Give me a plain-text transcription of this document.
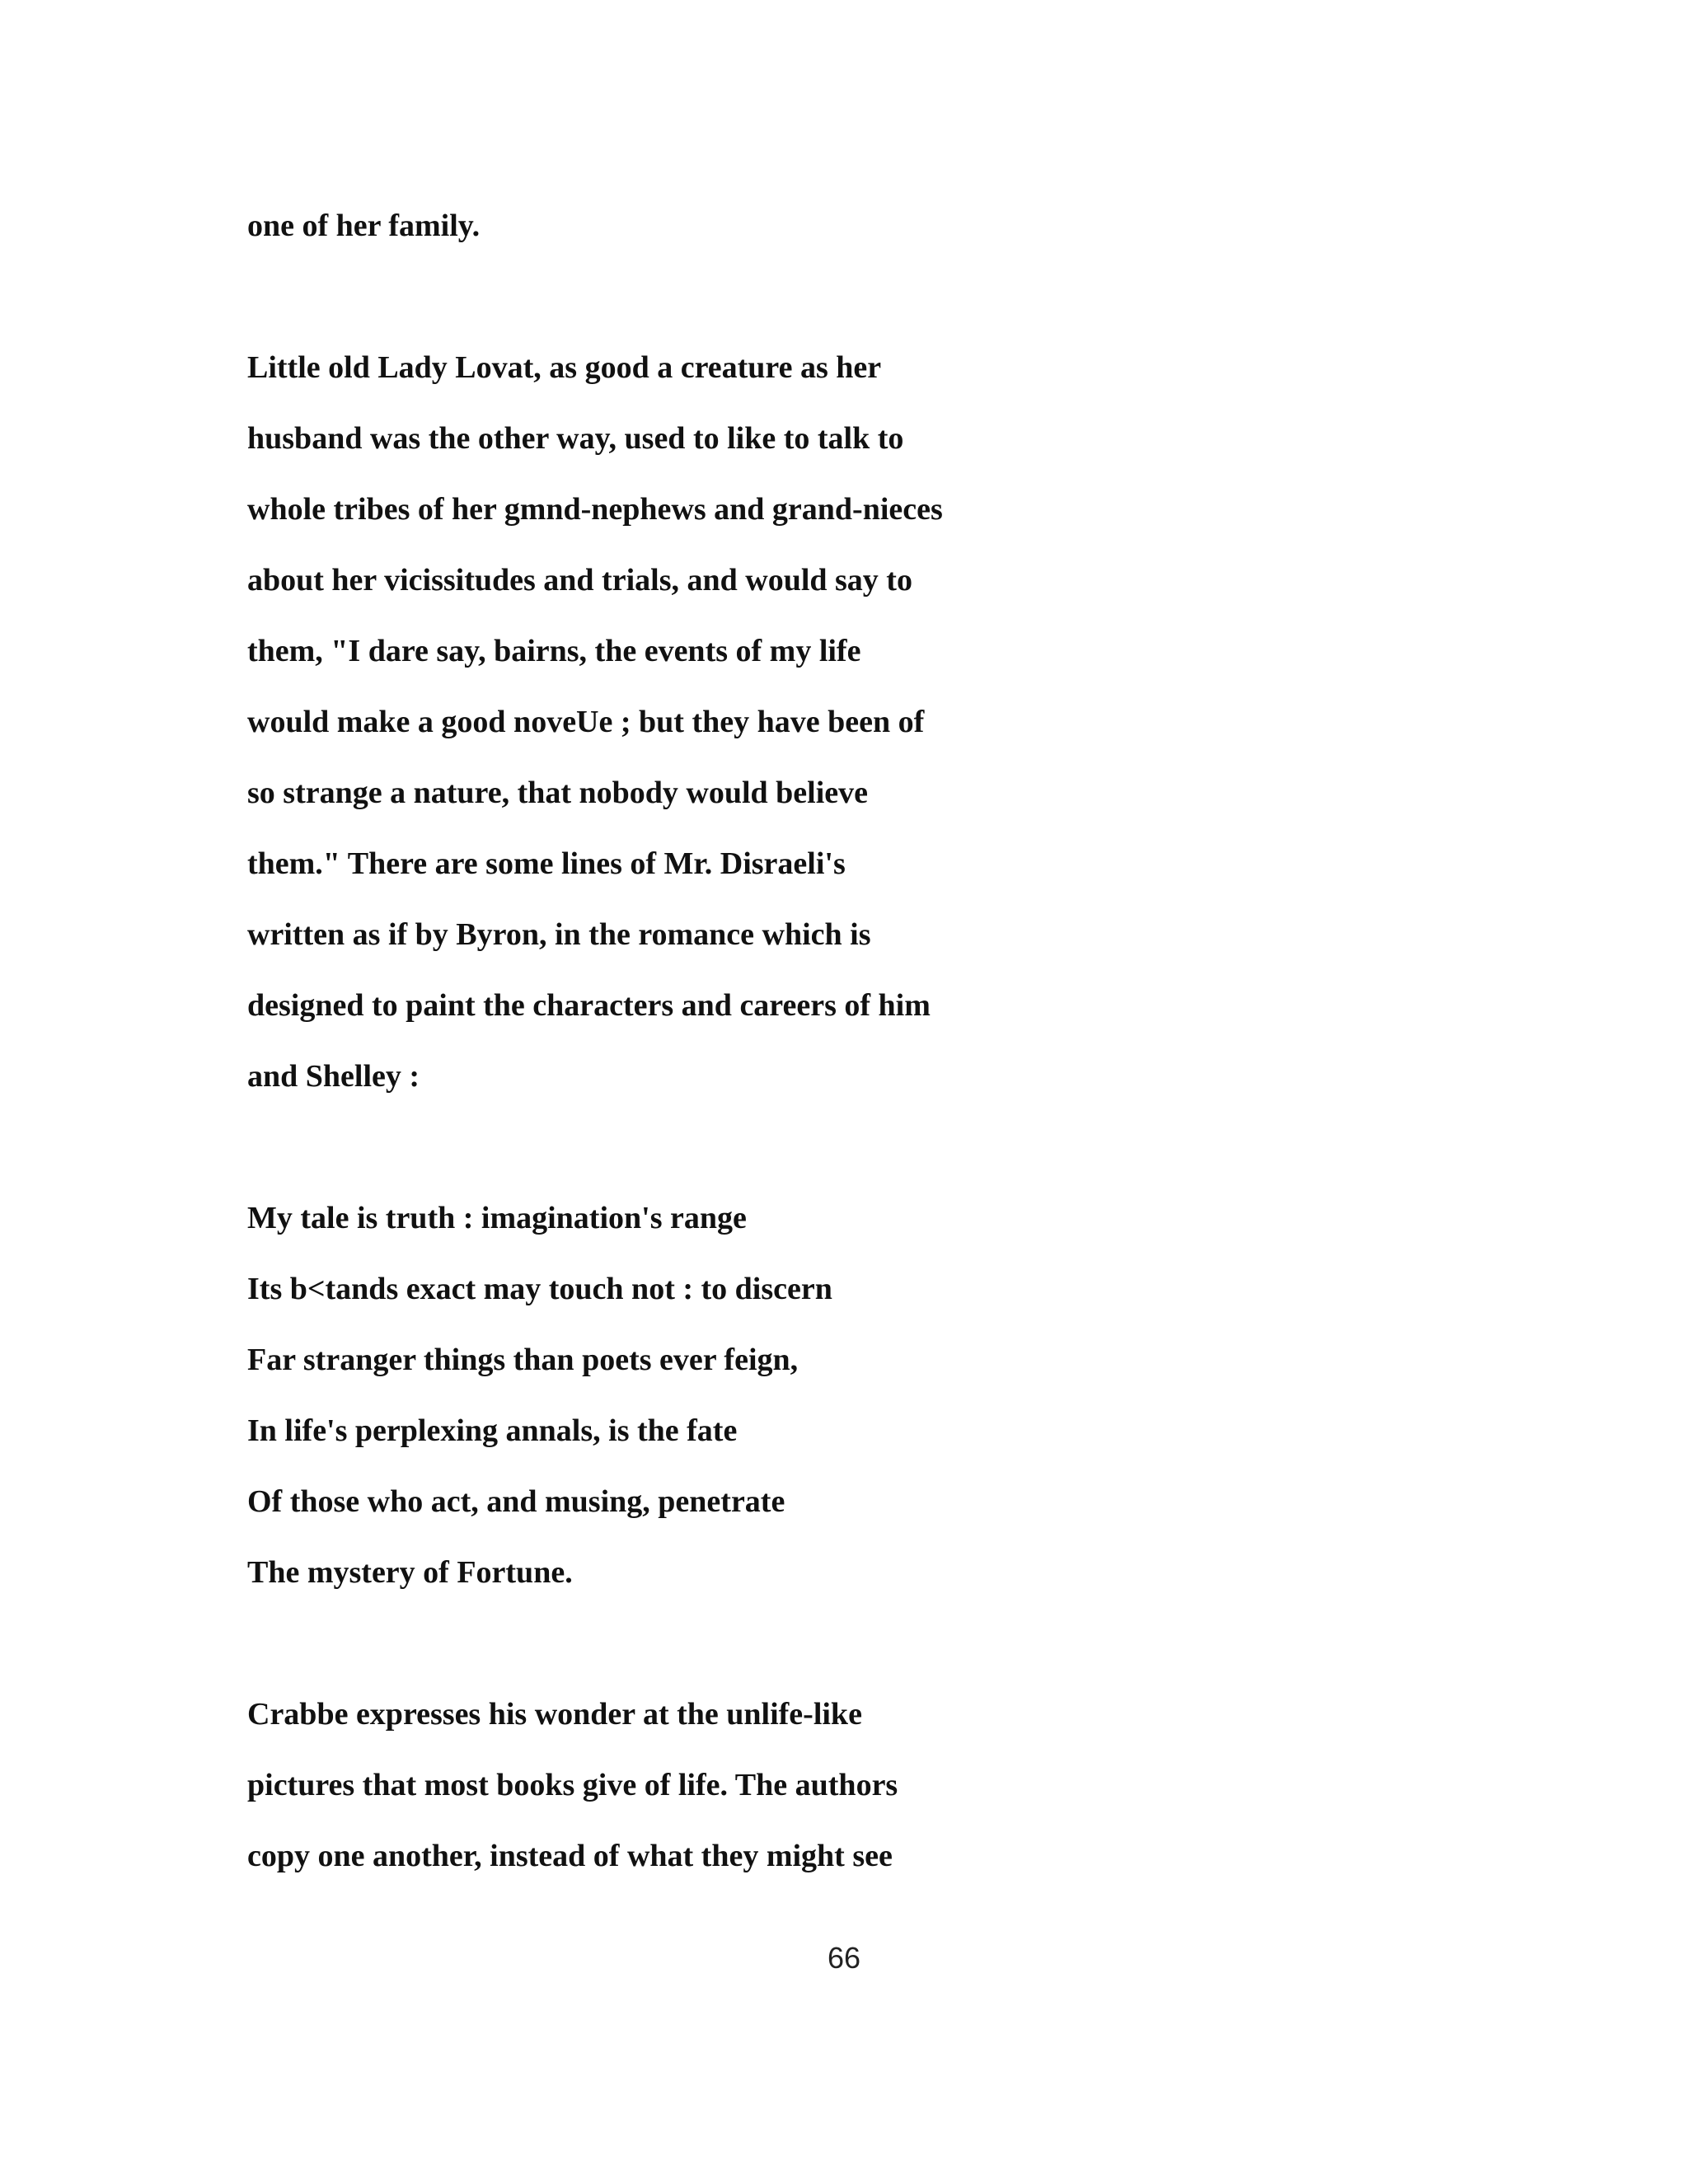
one of her family.
Little old Lady Lovat, as good a creature as her
husband was the other way, used to like to talk to
whole tribes of her gmnd-nephews and grand-nieces
about her vicissitudes and trials, and would say to
them, "I dare say, bairns, the events of my life
would make a good noveUe ; but they have been of
so strange a nature, that nobody would believe
them." There are some lines of Mr. Disraeli's
written as if by Byron, in the romance which is
designed to paint the characters and careers of him
and Shelley :
My tale is truth : imagination's range
Its b<tands exact may touch not : to discern
Far stranger things than poets ever feign,
In life's perplexing annals, is the fate
Of those who act, and musing, penetrate
The mystery of Fortune.
Crabbe expresses his wonder at the unlife-like
pictures that most books give of life. The authors
copy one another, instead of what they might see
66
